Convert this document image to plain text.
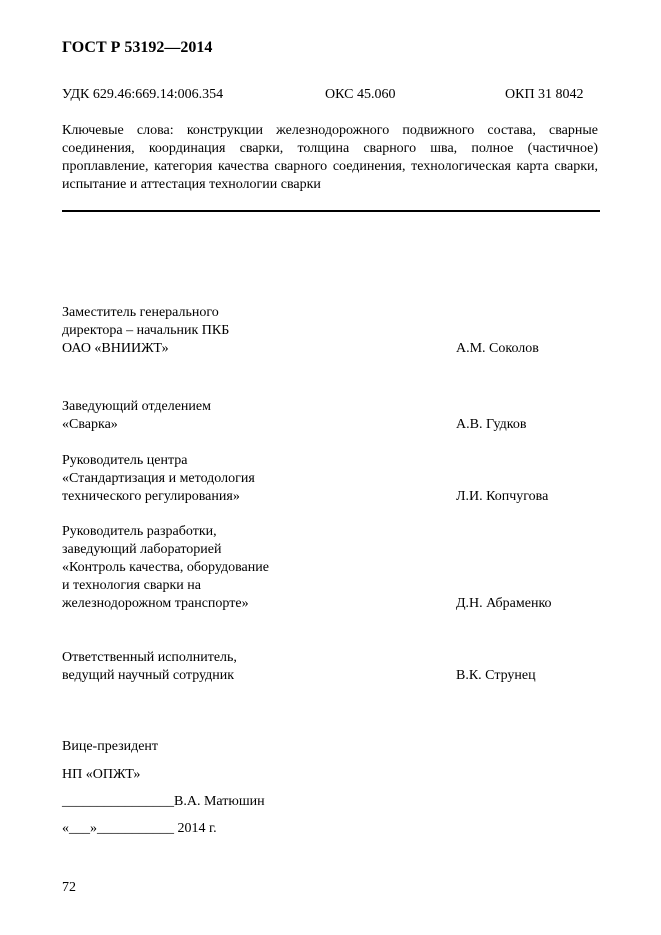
ГОСТ Р 53192—2014
УДК 629.46:669.14:006.354	ОКС 45.060	ОКП 31 8042
Ключевые слова: конструкции железнодорожного подвижного состава, сварные соединения, координация сварки, толщина сварного шва, полное (частичное) проплавление, категория качества сварного соединения, технологическая карта сварки, испытание и аттестация технологии сварки
Заместитель генерального
директора – начальник ПКБ
ОАО «ВНИИЖТ»	А.М. Соколов
Заведующий отделением
«Сварка»	А.В. Гудков
Руководитель центра
«Стандартизация и методология
технического регулирования»	Л.И. Копчугова
Руководитель разработки,
заведующий лабораторией
«Контроль качества, оборудование
и технология сварки на
железнодорожном транспорте»	Д.Н. Абраменко
Ответственный исполнитель,
ведущий научный сотрудник	В.К. Струнец
Вице-президент
НП «ОПЖТ»
________________В.А. Матюшин
«___»___________ 2014 г.
72
